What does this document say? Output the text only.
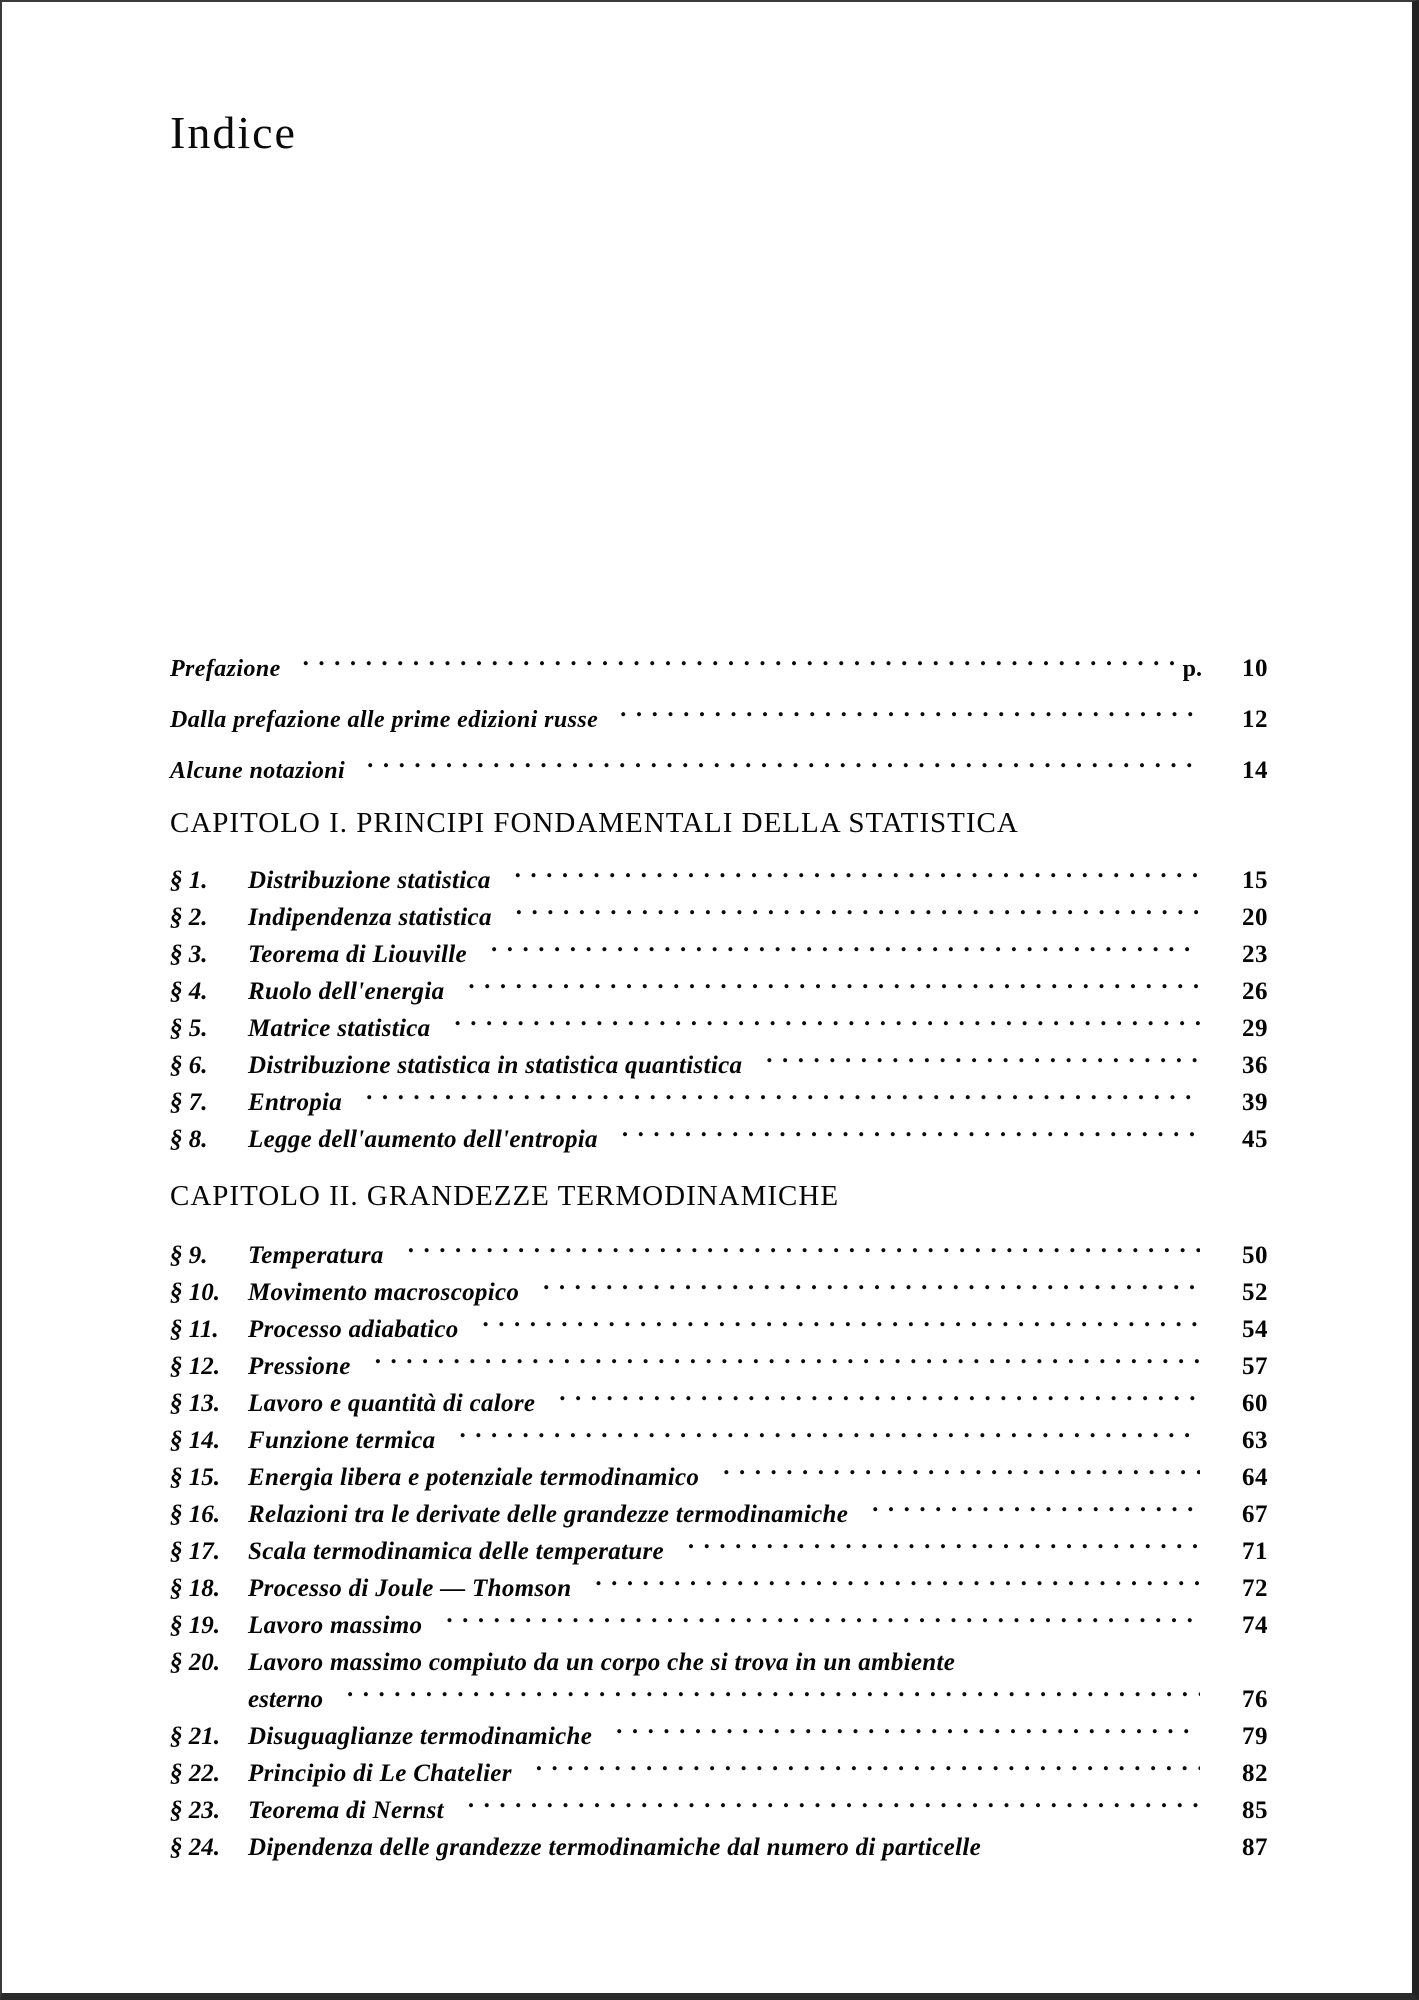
Indice
Prefazione .....	p.	10
Dalla prefazione alle prime edizioni russe .....	12
Alcune notazioni .....	14
CAPITOLO I. PRINCIPI FONDAMENTALI DELLA STATISTICA
§ 1.	Distribuzione statistica .....	15
§ 2.	Indipendenza statistica .....	20
§ 3.	Teorema di Liouville .....	23
§ 4.	Ruolo dell'energia .....	26
§ 5.	Matrice statistica .....	29
§ 6.	Distribuzione statistica in statistica quantistica .....	36
§ 7.	Entropia .....	39
§ 8.	Legge dell'aumento dell'entropia .....	45
CAPITOLO II. GRANDEZZE TERMODINAMICHE
§ 9.	Temperatura .....	50
§ 10.	Movimento macroscopico .....	52
§ 11.	Processo adiabatico .....	54
§ 12.	Pressione .....	57
§ 13.	Lavoro e quantità di calore .....	60
§ 14.	Funzione termica .....	63
§ 15.	Energia libera e potenziale termodinamico .....	64
§ 16.	Relazioni tra le derivate delle grandezze termodinamiche .....	67
§ 17.	Scala termodinamica delle temperature .....	71
§ 18.	Processo di Joule — Thomson .....	72
§ 19.	Lavoro massimo .....	74
§ 20.	Lavoro massimo compiuto da un corpo che si trova in un ambiente
esterno .....	76
§ 21.	Disuguaglianze termodinamiche .....	79
§ 22.	Principio di Le Chatelier .....	82
§ 23.	Teorema di Nernst .....	85
§ 24.	Dipendenza delle grandezze termodinamiche dal numero di particelle	87
